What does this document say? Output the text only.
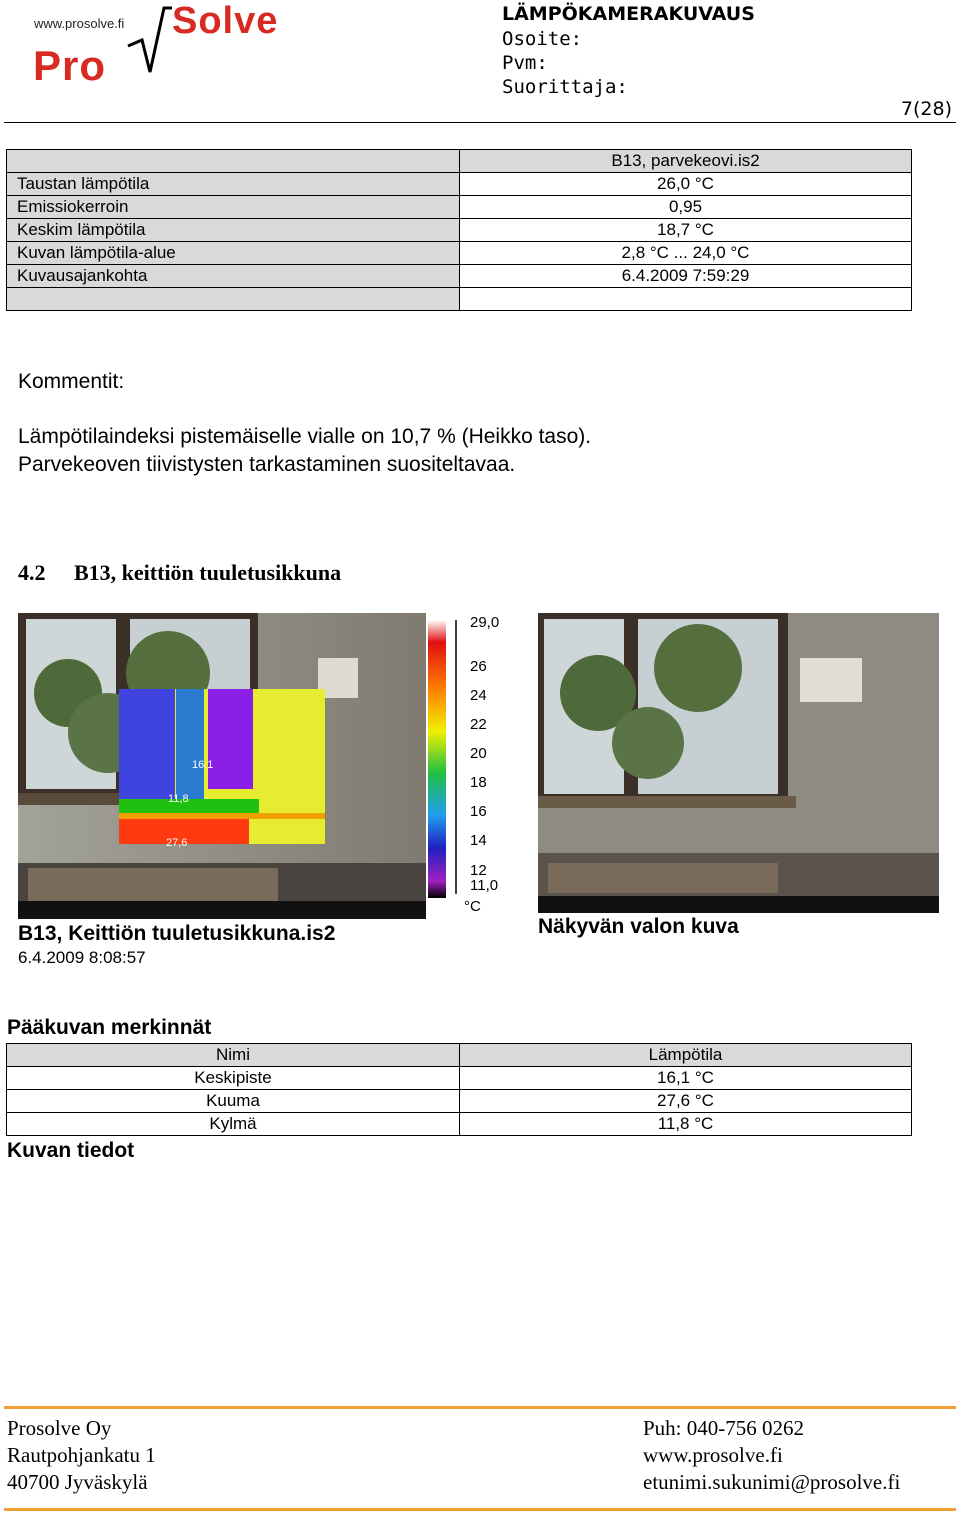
www.prosolve.fi Solve
Pro
LÄMPÖKAMERAKUVAUS
Osoite:
Pvm:
Suorittaja:
7(28)
	B13, parvekeovi.is2
Taustan lämpötila	26,0 °C
Emissiokerroin	0,95
Keskim lämpötila	18,7 °C
Kuvan lämpötila-alue	2,8 °C ... 24,0 °C
Kuvausajankohta	6.4.2009 7:59:29

Kommentit:
Lämpötilaindeksi pistemäiselle vialle on 10,7 % (Heikko taso).
Parvekeoven tiivistysten tarkastaminen suositeltavaa.
4.2 B13, keittiön tuuletusikkuna
16,1
11,8
27,6
29,0
26
24
22
20
18
16
14
12
11,0
°C
B13, Keittiön tuuletusikkuna.is2
6.4.2009 8:08:57
Näkyvän valon kuva
Pääkuvan merkinnät
Nimi	Lämpötila
Keskipiste	16,1 °C
Kuuma	27,6 °C
Kylmä	11,8 °C
Kuvan tiedot
Prosolve Oy
Rautpohjankatu 1
40700 Jyväskylä
Puh: 040-756 0262
www.prosolve.fi
etunimi.sukunimi@prosolve.fi
